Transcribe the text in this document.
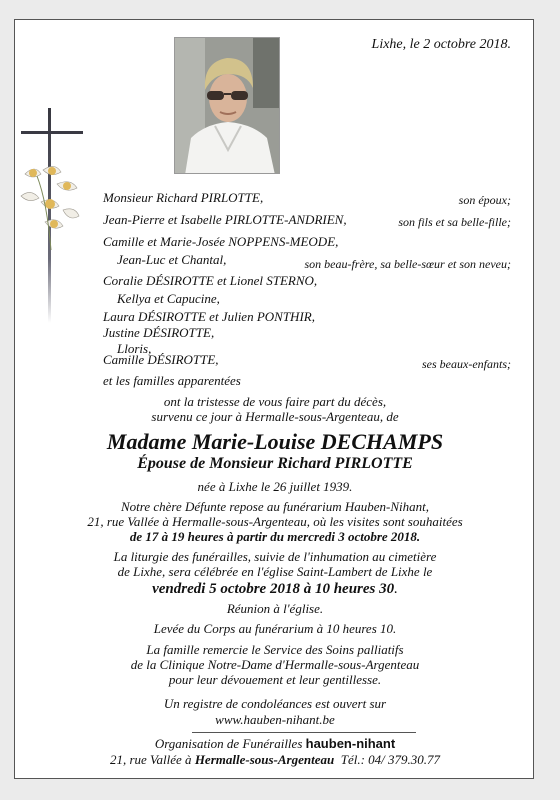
Lixhe, le 2 octobre 2018.
Monsieur Richard PIRLOTTE,	son époux;
Jean-Pierre et Isabelle PIRLOTTE-ANDRIEN,	son fils et sa belle-fille;
Camille et Marie-Josée NOPPENS-MEODE,
Jean-Luc et Chantal,	son beau-frère, sa belle-sœur et son neveu;
Coralie DÉSIROTTE et Lionel STERNO,
Kellya et Capucine,
Laura DÉSIROTTE et Julien PONTHIR,
Justine DÉSIROTTE,
Lloris,
Camille DÉSIROTTE,	ses beaux-enfants;
et les familles apparentées
ont la tristesse de vous faire part du décès,
survenu ce jour à Hermalle-sous-Argenteau, de
Madame Marie-Louise DECHAMPS
Épouse de Monsieur Richard PIRLOTTE
née à Lixhe le 26 juillet 1939.
Notre chère Défunte repose au funérarium Hauben-Nihant,
21, rue Vallée à Hermalle-sous-Argenteau, où les visites sont souhaitées
de 17 à 19 heures à partir du mercredi 3 octobre 2018.
La liturgie des funérailles, suivie de l'inhumation au cimetière
de Lixhe, sera célébrée en l'église Saint-Lambert de Lixhe le
vendredi 5 octobre 2018 à 10 heures 30.
Réunion à l'église.
Levée du Corps au funérarium à 10 heures 10.
La famille remercie le Service des Soins palliatifs
de la Clinique Notre-Dame d'Hermalle-sous-Argenteau
pour leur dévouement et leur gentillesse.
Un registre de condoléances est ouvert sur
www.hauben-nihant.be
Organisation de Funérailles hauben-nihant
21, rue Vallée à Hermalle-sous-Argenteau Tél.: 04/ 379.30.77
